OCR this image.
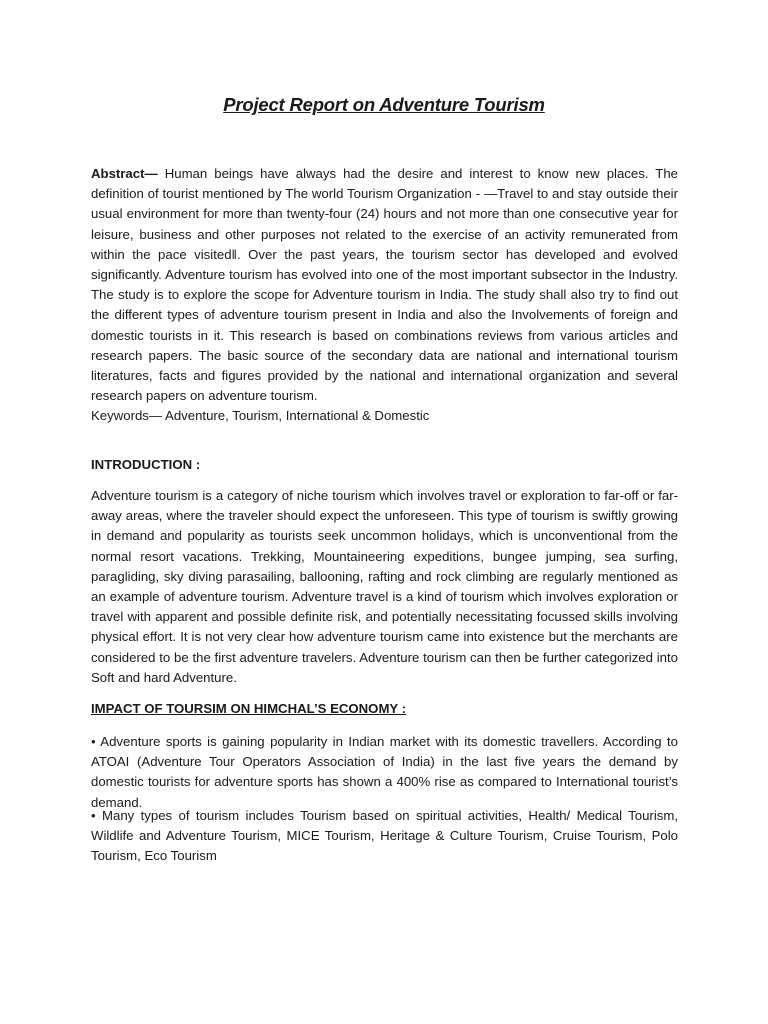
Project Report on Adventure Tourism

Abstract— Human beings have always had the desire and interest to know new places. The definition of tourist mentioned by The world Tourism Organization - —Travel to and stay outside their usual environment for more than twenty-four (24) hours and not more than one consecutive year for leisure, business and other purposes not related to the exercise of an activity remunerated from within the pace visited‖. Over the past years, the tourism sector has developed and evolved significantly. Adventure tourism has evolved into one of the most important subsector in the Industry. The study is to explore the scope for Adventure tourism in India. The study shall also try to find out the different types of adventure tourism present in India and also the Involvements of foreign and domestic tourists in it. This research is based on combinations reviews from various articles and research papers. The basic source of the secondary data are national and international tourism literatures, facts and figures provided by the national and international organization and several research papers on adventure tourism.
Keywords— Adventure, Tourism, International & Domestic

INTRODUCTION :

Adventure tourism is a category of niche tourism which involves travel or exploration to far-off or far-away areas, where the traveler should expect the unforeseen. This type of tourism is swiftly growing in demand and popularity as tourists seek uncommon holidays, which is unconventional from the normal resort vacations. Trekking, Mountaineering expeditions, bungee jumping, sea surfing, paragliding, sky diving parasailing, ballooning, rafting and rock climbing are regularly mentioned as an example of adventure tourism. Adventure travel is a kind of tourism which involves exploration or travel with apparent and possible definite risk, and potentially necessitating focussed skills involving physical effort. It is not very clear how adventure tourism came into existence but the merchants are considered to be the first adventure travelers. Adventure tourism can then be further categorized into Soft and hard Adventure.

IMPACT OF TOURSIM ON HIMCHAL’S ECONOMY :

• Adventure sports is gaining popularity in Indian market with its domestic travellers. According to ATOAI (Adventure Tour Operators Association of India) in the last five years the demand by domestic tourists for adventure sports has shown a 400% rise as compared to International tourist’s demand.

• Many types of tourism includes Tourism based on spiritual activities, Health/ Medical Tourism, Wildlife and Adventure Tourism, MICE Tourism, Heritage & Culture Tourism, Cruise Tourism, Polo Tourism, Eco Tourism
